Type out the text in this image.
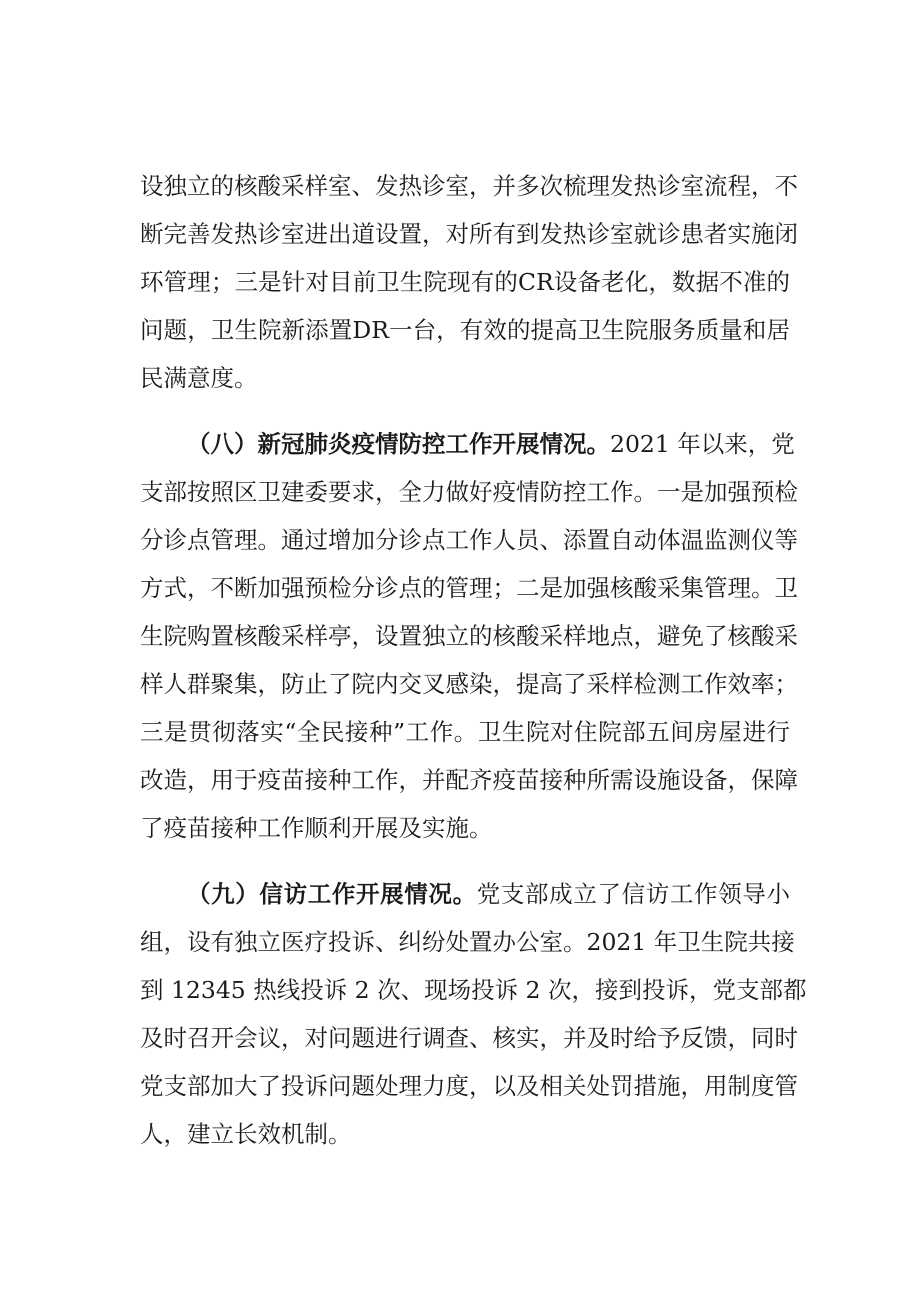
设独立的核酸采样室、发热诊室，并多次梳理发热诊室流程，不
断完善发热诊室进出道设置，对所有到发热诊室就诊患者实施闭
环管理；三是针对目前卫生院现有的CR设备老化，数据不准的
问题，卫生院新添置DR一台，有效的提高卫生院服务质量和居
民满意度。
（八）新冠肺炎疫情防控工作开展情况。2021 年以来，党
支部按照区卫建委要求，全力做好疫情防控工作。一是加强预检
分诊点管理。通过增加分诊点工作人员、添置自动体温监测仪等
方式，不断加强预检分诊点的管理；二是加强核酸采集管理。卫
生院购置核酸采样亭，设置独立的核酸采样地点，避免了核酸采
样人群聚集，防止了院内交叉感染，提高了采样检测工作效率；
三是贯彻落实“全民接种”工作。卫生院对住院部五间房屋进行
改造，用于疫苗接种工作，并配齐疫苗接种所需设施设备，保障
了疫苗接种工作顺利开展及实施。
（九）信访工作开展情况。党支部成立了信访工作领导小
组，设有独立医疗投诉、纠纷处置办公室。2021 年卫生院共接
到 12345 热线投诉 2 次、现场投诉 2 次，接到投诉，党支部都
及时召开会议，对问题进行调查、核实，并及时给予反馈，同时
党支部加大了投诉问题处理力度，以及相关处罚措施，用制度管
人，建立长效机制。
